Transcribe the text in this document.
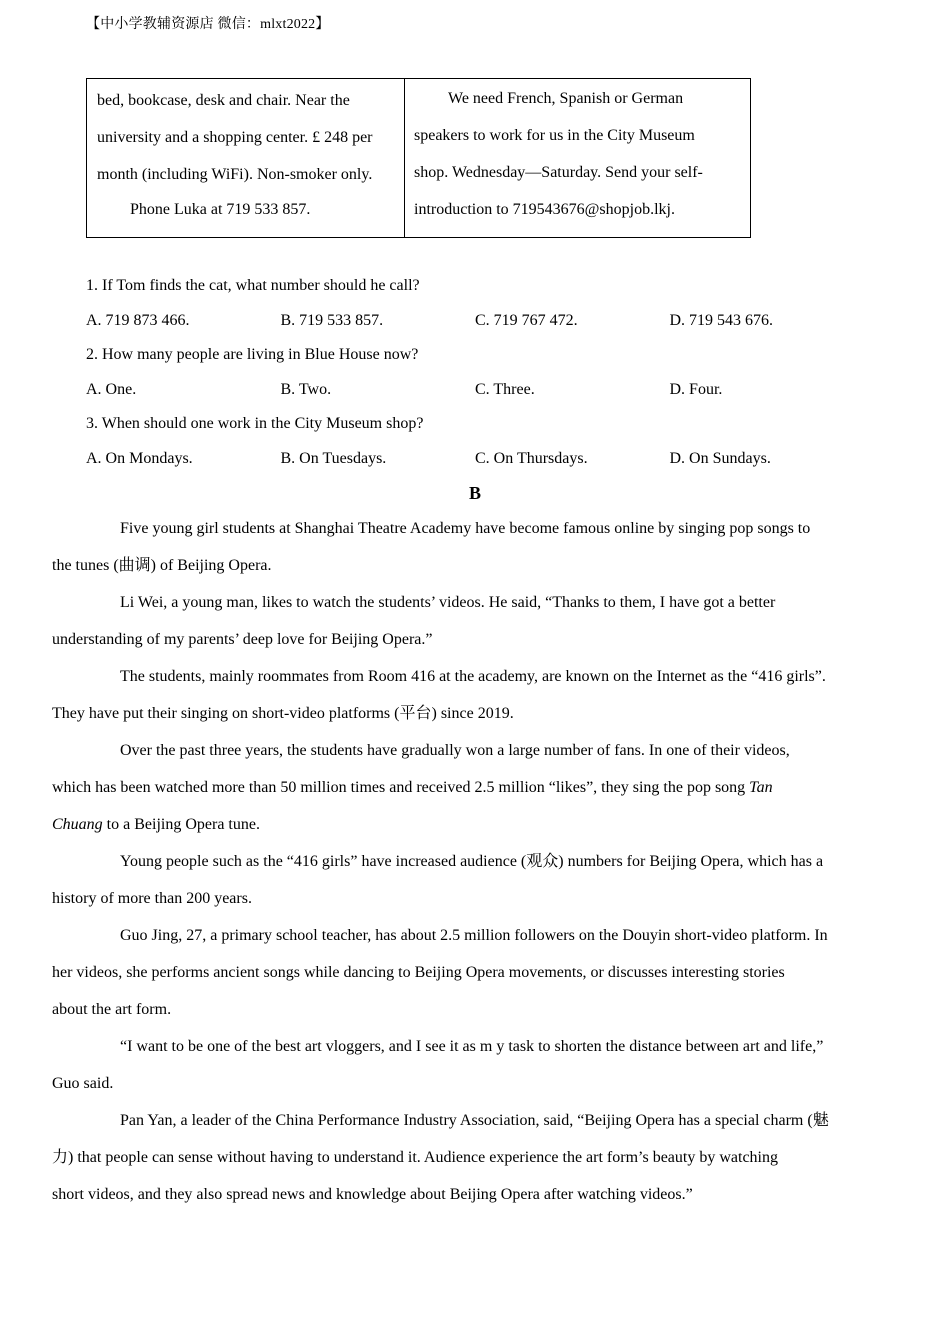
【中小学教辅资源店 微信：mlxt2022】
bed, bookcase, desk and chair. Near the
university and a shopping center. £ 248 per
month (including WiFi). Non-smoker only.
Phone Luka at 719 533 857.
We need French, Spanish or German
speakers to work for us in the City Museum
shop. Wednesday—Saturday. Send your self-
introduction to 719543676@shopjob.lkj.
1. If Tom finds the cat, what number should he call?
A. 719 873 466.	B. 719 533 857.	C. 719 767 472.	D. 719 543 676.
2. How many people are living in Blue House now?
A. One.	B. Two.	C. Three.	D. Four.
3. When should one work in the City Museum shop?
A. On Mondays.	B. On Tuesdays.	C. On Thursdays.	D. On Sundays.
B

Five young girl students at Shanghai Theatre Academy have become famous online by singing pop songs to
the tunes (曲调) of Beijing Opera.

Li Wei, a young man, likes to watch the students’ videos. He said, “Thanks to them, I have got a better
understanding of my parents’ deep love for Beijing Opera.”

The students, mainly roommates from Room 416 at the academy, are known on the Internet as the “416 girls”.
They have put their singing on short-video platforms (平台) since 2019.

Over the past three years, the students have gradually won a large number of fans. In one of their videos,
which has been watched more than 50 million times and received 2.5 million “likes”, they sing the pop song Tan
Chuang to a Beijing Opera tune.

Young people such as the “416 girls” have increased audience (观众) numbers for Beijing Opera, which has a
history of more than 200 years.

Guo Jing, 27, a primary school teacher, has about 2.5 million followers on the Douyin short-video platform. In
her videos, she performs ancient songs while dancing to Beijing Opera movements, or discusses interesting stories
about the art form.

“I want to be one of the best art vloggers, and I see it as m y task to shorten the distance between art and life,”
Guo said.

Pan Yan, a leader of the China Performance Industry Association, said, “Beijing Opera has a special charm (魅
力) that people can sense without having to understand it. Audience experience the art form’s beauty by watching
short videos, and they also spread news and knowledge about Beijing Opera after watching videos.”
